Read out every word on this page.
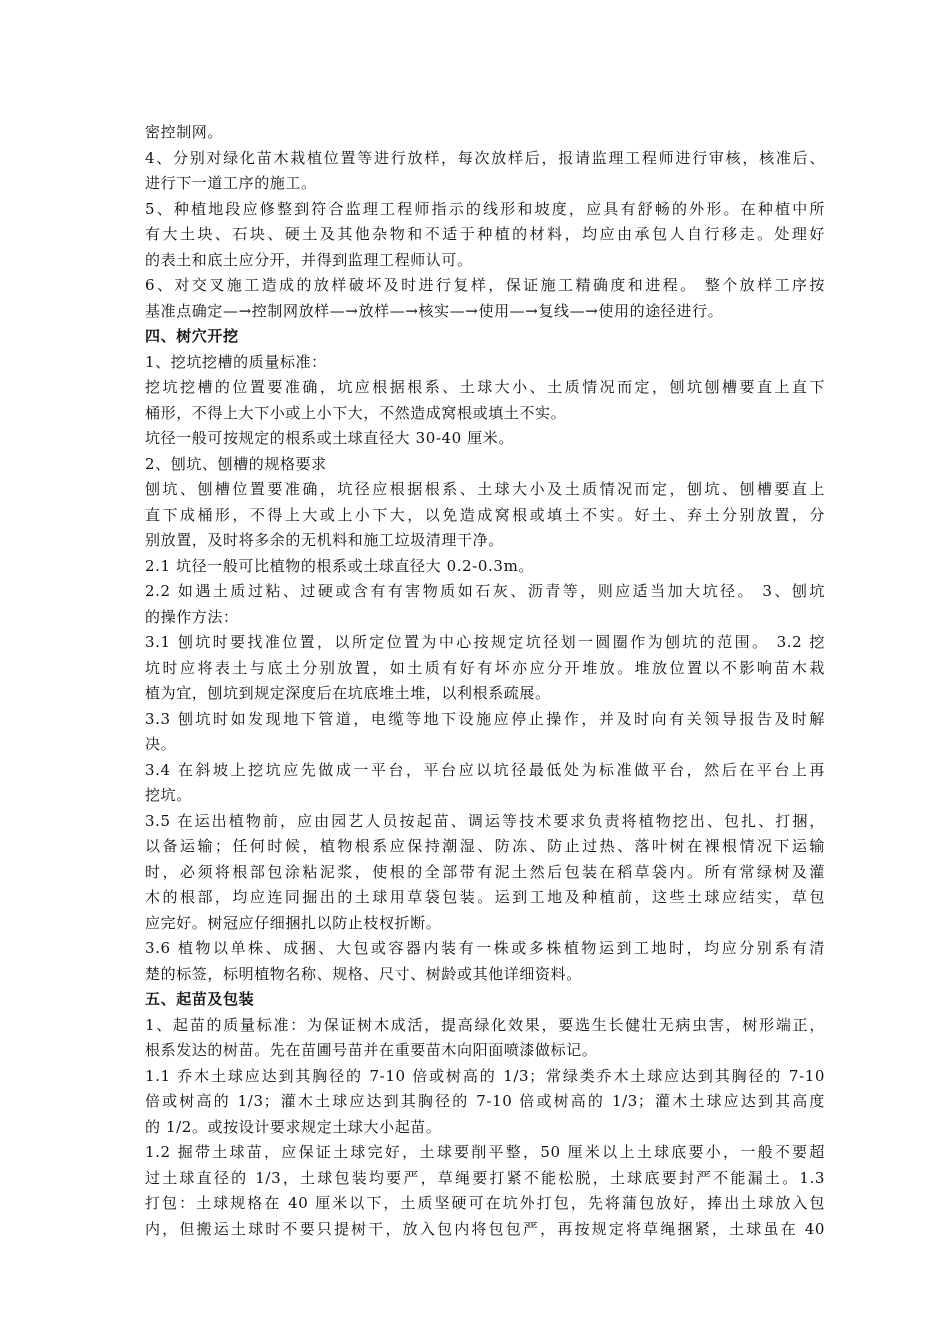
密控制网。
4、分别对绿化苗木栽植位置等进行放样，每次放样后，报请监理工程师进行审核，核准后、
进行下一道工序的施工。
5、种植地段应修整到符合监理工程师指示的线形和坡度，应具有舒畅的外形。在种植中所
有大土块、石块、硬土及其他杂物和不适于种植的材料，均应由承包人自行移走。处理好
的表土和底土应分开，并得到监理工程师认可。
6、对交叉施工造成的放样破坏及时进行复样，保证施工精确度和进程。 整个放样工序按
基准点确定—→控制网放样—→放样—→核实—→使用—→复线—→使用的途径进行。
四、树穴开挖
1、挖坑挖槽的质量标准：
挖坑挖槽的位置要准确，坑应根据根系、土球大小、土质情况而定，刨坑刨槽要直上直下
桶形，不得上大下小或上小下大，不然造成窝根或填土不实。
坑径一般可按规定的根系或土球直径大 30-40 厘米。
2、刨坑、刨槽的规格要求
刨坑、刨槽位置要准确，坑径应根据根系、土球大小及土质情况而定，刨坑、刨槽要直上
直下成桶形，不得上大或上小下大，以免造成窝根或填土不实。好土、弃土分别放置，分
别放置，及时将多余的无机料和施工垃圾清理干净。
2.1 坑径一般可比植物的根系或土球直径大 0.2-0.3m。
2.2 如遇土质过粘、过硬或含有有害物质如石灰、沥青等，则应适当加大坑径。 3、刨坑
的操作方法：
3.1 刨坑时要找准位置，以所定位置为中心按规定坑径划一圆圈作为刨坑的范围。 3.2 挖
坑时应将表土与底土分别放置，如土质有好有坏亦应分开堆放。堆放位置以不影响苗木栽
植为宜，刨坑到规定深度后在坑底堆土堆，以利根系疏展。
3.3 刨坑时如发现地下管道，电缆等地下设施应停止操作，并及时向有关领导报告及时解
决。
3.4 在斜坡上挖坑应先做成一平台，平台应以坑径最低处为标准做平台，然后在平台上再
挖坑。
3.5 在运出植物前，应由园艺人员按起苗、调运等技术要求负责将植物挖出、包扎、打捆，
以备运输；任何时候，植物根系应保持潮湿、防冻、防止过热、落叶树在裸根情况下运输
时，必须将根部包涂粘泥浆，使根的全部带有泥土然后包装在稻草袋内。所有常绿树及灌
木的根部，均应连同掘出的土球用草袋包装。运到工地及种植前，这些土球应结实，草包
应完好。树冠应仔细捆扎以防止枝杈折断。
3.6 植物以单株、成捆、大包或容器内装有一株或多株植物运到工地时，均应分别系有清
楚的标签，标明植物名称、规格、尺寸、树龄或其他详细资料。
五、起苗及包装
1、起苗的质量标准：为保证树木成活，提高绿化效果，要选生长健壮无病虫害，树形端正，
根系发达的树苗。先在苗圃号苗并在重要苗木向阳面喷漆做标记。
1.1 乔木土球应达到其胸径的 7-10 倍或树高的 1/3；常绿类乔木土球应达到其胸径的 7-10
倍或树高的 1/3；灌木土球应达到其胸径的 7-10 倍或树高的 1/3；灌木土球应达到其高度
的 1/2。或按设计要求规定土球大小起苗。
1.2 掘带土球苗，应保证土球完好，土球要削平整，50 厘米以上土球底要小，一般不要超
过土球直径的 1/3，土球包装均要严，草绳要打紧不能松脱，土球底要封严不能漏土。1.3
打包：土球规格在 40 厘米以下，土质坚硬可在坑外打包，先将蒲包放好，捧出土球放入包
内，但搬运土球时不要只提树干，放入包内将包包严，再按规定将草绳捆紧，土球虽在 40
